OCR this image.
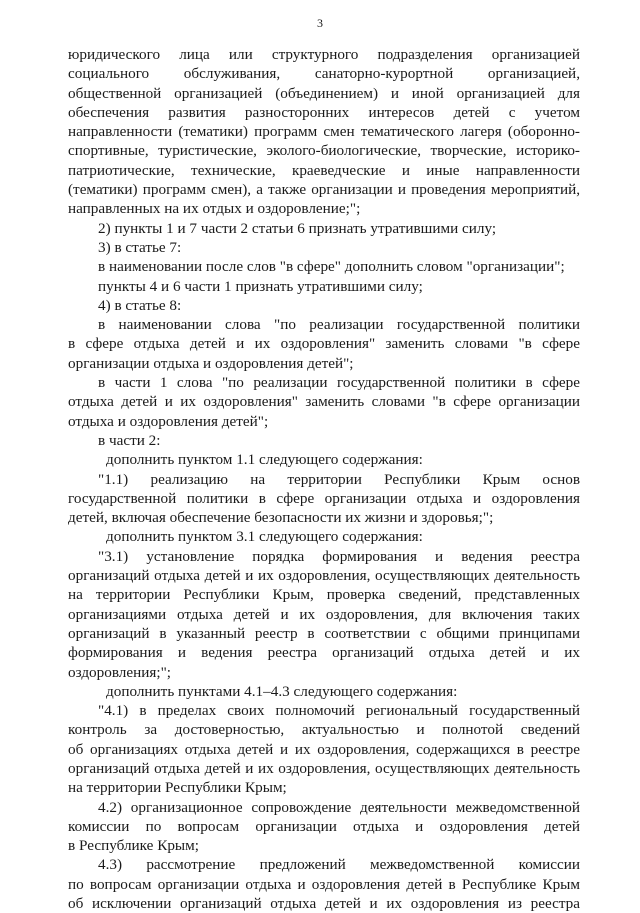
3
юридического лица или структурного подразделения организацией
социального обслуживания, санаторно-курортной организацией,
общественной организацией (объединением) и иной организацией для
обеспечения развития разносторонних интересов детей с учетом
направленности (тематики) программ смен тематического лагеря (оборонно-
спортивные, туристические, эколого-биологические, творческие, историко-
патриотические, технические, краеведческие и иные направленности
(тематики) программ смен), а также организации и проведения мероприятий,
направленных на их отдых и оздоровление;";
2) пункты 1 и 7 части 2 статьи 6 признать утратившими силу;
3) в статье 7:
в наименовании после слов "в сфере" дополнить словом "организации";
пункты 4 и 6 части 1 признать утратившими силу;
4) в статье 8:
в наименовании слова "по реализации государственной политики
в сфере отдыха детей и их оздоровления" заменить словами "в сфере
организации отдыха и оздоровления детей";
в части 1 слова "по реализации государственной политики в сфере
отдыха детей и их оздоровления" заменить словами "в сфере организации
отдыха и оздоровления детей";
в части 2:
дополнить пунктом 1.1 следующего содержания:
"1.1) реализацию на территории Республики Крым основ
государственной политики в сфере организации отдыха и оздоровления
детей, включая обеспечение безопасности их жизни и здоровья;";
дополнить пунктом 3.1 следующего содержания:
"3.1) установление порядка формирования и ведения реестра
организаций отдыха детей и их оздоровления, осуществляющих деятельность
на территории Республики Крым, проверка сведений, представленных
организациями отдыха детей и их оздоровления, для включения таких
организаций в указанный реестр в соответствии с общими принципами
формирования и ведения реестра организаций отдыха детей и их
оздоровления;";
дополнить пунктами 4.1–4.3 следующего содержания:
"4.1) в пределах своих полномочий региональный государственный
контроль за достоверностью, актуальностью и полнотой сведений
об организациях отдыха детей и их оздоровления, содержащихся в реестре
организаций отдыха детей и их оздоровления, осуществляющих деятельность
на территории Республики Крым;
4.2) организационное сопровождение деятельности межведомственной
комиссии по вопросам организации отдыха и оздоровления детей
в Республике Крым;
4.3) рассмотрение предложений межведомственной комиссии
по вопросам организации отдыха и оздоровления детей в Республике Крым
об исключении организаций отдыха детей и их оздоровления из реестра
